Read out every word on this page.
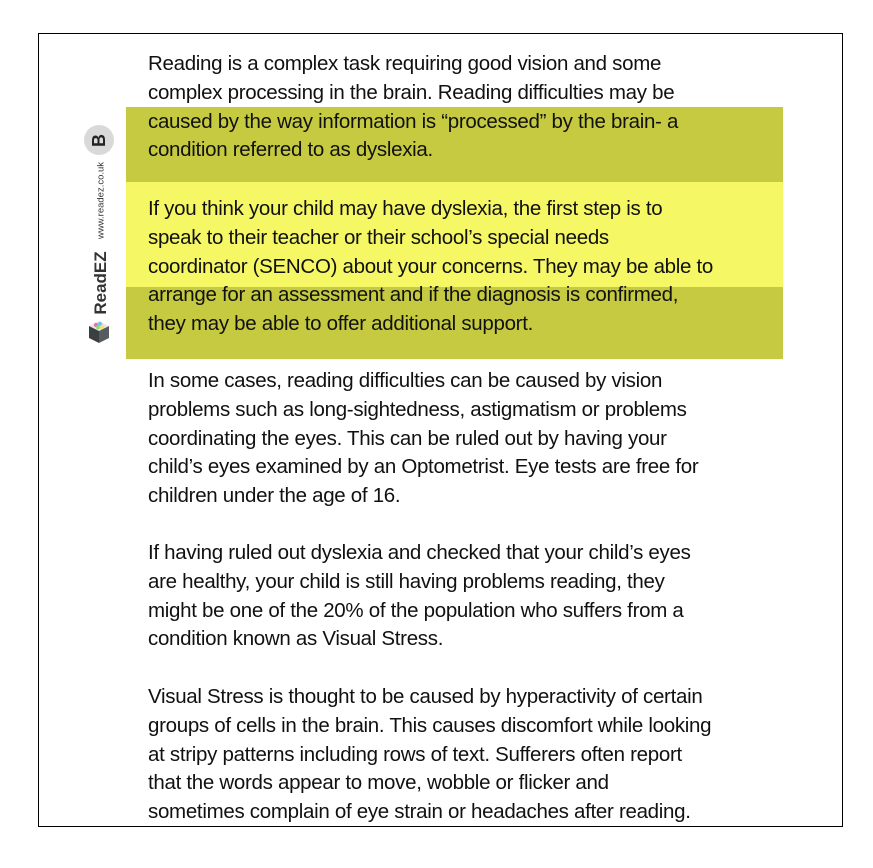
B
www.readez.co.uk
ReadEZ
Reading is a complex task requiring good vision and some
complex processing in the brain. Reading difficulties may be
caused by the way information is “processed” by the brain- a
condition referred to as dyslexia.
If you think your child may have dyslexia, the first step is to
speak to their teacher or their school’s special needs
coordinator (SENCO) about your concerns. They may be able to
arrange for an assessment and if the diagnosis is confirmed,
they may be able to offer additional support.
In some cases, reading difficulties can be caused by vision
problems such as long-sightedness, astigmatism or problems
coordinating the eyes. This can be ruled out by having your
child’s eyes examined by an Optometrist. Eye tests are free for
children under the age of 16.
If having ruled out dyslexia and checked that your child’s eyes
are healthy, your child is still having problems reading, they
might be one of the 20% of the population who suffers from a
condition known as Visual Stress.
Visual Stress is thought to be caused by hyperactivity of certain
groups of cells in the brain. This causes discomfort while looking
at stripy patterns including rows of text. Sufferers often report
that the words appear to move, wobble or flicker and
sometimes complain of eye strain or headaches after reading.
